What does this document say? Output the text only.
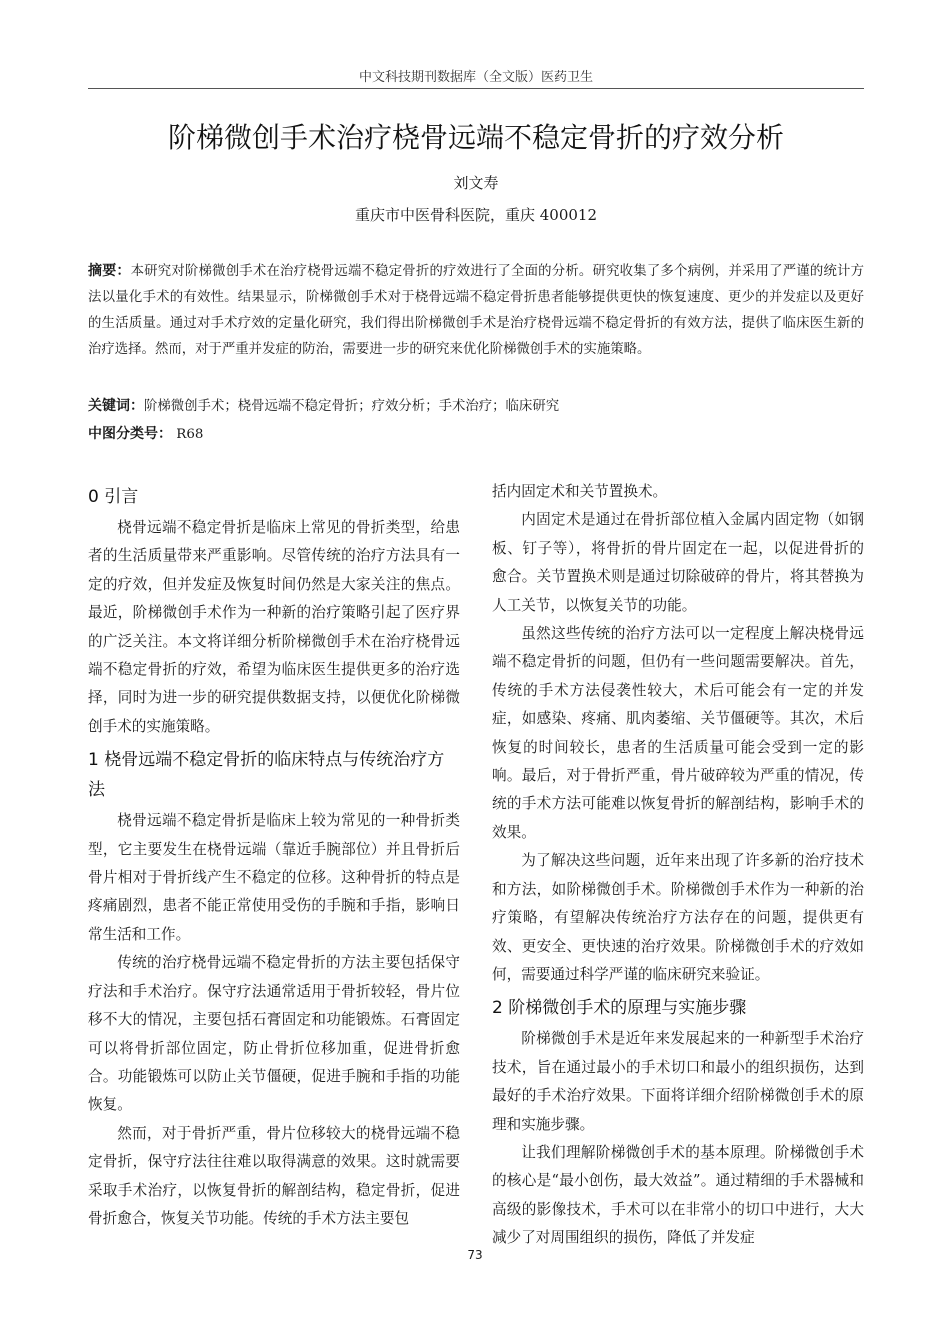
中文科技期刊数据库（全文版）医药卫生
阶梯微创手术治疗桡骨远端不稳定骨折的疗效分析
刘文寿
重庆市中医骨科医院，重庆 400012
摘要：本研究对阶梯微创手术在治疗桡骨远端不稳定骨折的疗效进行了全面的分析。研究收集了多个病例，并采用了严谨的统计方法以量化手术的有效性。结果显示，阶梯微创手术对于桡骨远端不稳定骨折患者能够提供更快的恢复速度、更少的并发症以及更好的生活质量。通过对手术疗效的定量化研究，我们得出阶梯微创手术是治疗桡骨远端不稳定骨折的有效方法，提供了临床医生新的治疗选择。然而，对于严重并发症的防治，需要进一步的研究来优化阶梯微创手术的实施策略。
关键词：阶梯微创手术；桡骨远端不稳定骨折；疗效分析；手术治疗；临床研究
中图分类号： R68
0 引言

桡骨远端不稳定骨折是临床上常见的骨折类型，给患者的生活质量带来严重影响。尽管传统的治疗方法具有一定的疗效，但并发症及恢复时间仍然是大家关注的焦点。最近，阶梯微创手术作为一种新的治疗策略引起了医疗界的广泛关注。本文将详细分析阶梯微创手术在治疗桡骨远端不稳定骨折的疗效，希望为临床医生提供更多的治疗选择，同时为进一步的研究提供数据支持，以便优化阶梯微创手术的实施策略。

1 桡骨远端不稳定骨折的临床特点与传统治疗方法

桡骨远端不稳定骨折是临床上较为常见的一种骨折类型，它主要发生在桡骨远端（靠近手腕部位）并且骨折后骨片相对于骨折线产生不稳定的位移。这种骨折的特点是疼痛剧烈，患者不能正常使用受伤的手腕和手指，影响日常生活和工作。

传统的治疗桡骨远端不稳定骨折的方法主要包括保守疗法和手术治疗。保守疗法通常适用于骨折较轻，骨片位移不大的情况，主要包括石膏固定和功能锻炼。石膏固定可以将骨折部位固定，防止骨折位移加重，促进骨折愈合。功能锻炼可以防止关节僵硬，促进手腕和手指的功能恢复。

然而，对于骨折严重，骨片位移较大的桡骨远端不稳定骨折，保守疗法往往难以取得满意的效果。这时就需要采取手术治疗，以恢复骨折的解剖结构，稳定骨折，促进骨折愈合，恢复关节功能。传统的手术方法主要包

括内固定术和关节置换术。

内固定术是通过在骨折部位植入金属内固定物（如钢板、钉子等），将骨折的骨片固定在一起，以促进骨折的愈合。关节置换术则是通过切除破碎的骨片，将其替换为人工关节，以恢复关节的功能。

虽然这些传统的治疗方法可以一定程度上解决桡骨远端不稳定骨折的问题，但仍有一些问题需要解决。首先，传统的手术方法侵袭性较大，术后可能会有一定的并发症，如感染、疼痛、肌肉萎缩、关节僵硬等。其次，术后恢复的时间较长，患者的生活质量可能会受到一定的影响。最后，对于骨折严重，骨片破碎较为严重的情况，传统的手术方法可能难以恢复骨折的解剖结构，影响手术的效果。

为了解决这些问题，近年来出现了许多新的治疗技术和方法，如阶梯微创手术。阶梯微创手术作为一种新的治疗策略，有望解决传统治疗方法存在的问题，提供更有效、更安全、更快速的治疗效果。阶梯微创手术的疗效如何，需要通过科学严谨的临床研究来验证。

2 阶梯微创手术的原理与实施步骤

阶梯微创手术是近年来发展起来的一种新型手术治疗技术，旨在通过最小的手术切口和最小的组织损伤，达到最好的手术治疗效果。下面将详细介绍阶梯微创手术的原理和实施步骤。

让我们理解阶梯微创手术的基本原理。阶梯微创手术的核心是“最小创伤，最大效益”。通过精细的手术器械和高级的影像技术，手术可以在非常小的切口中进行，大大减少了对周围组织的损伤，降低了并发症

73
